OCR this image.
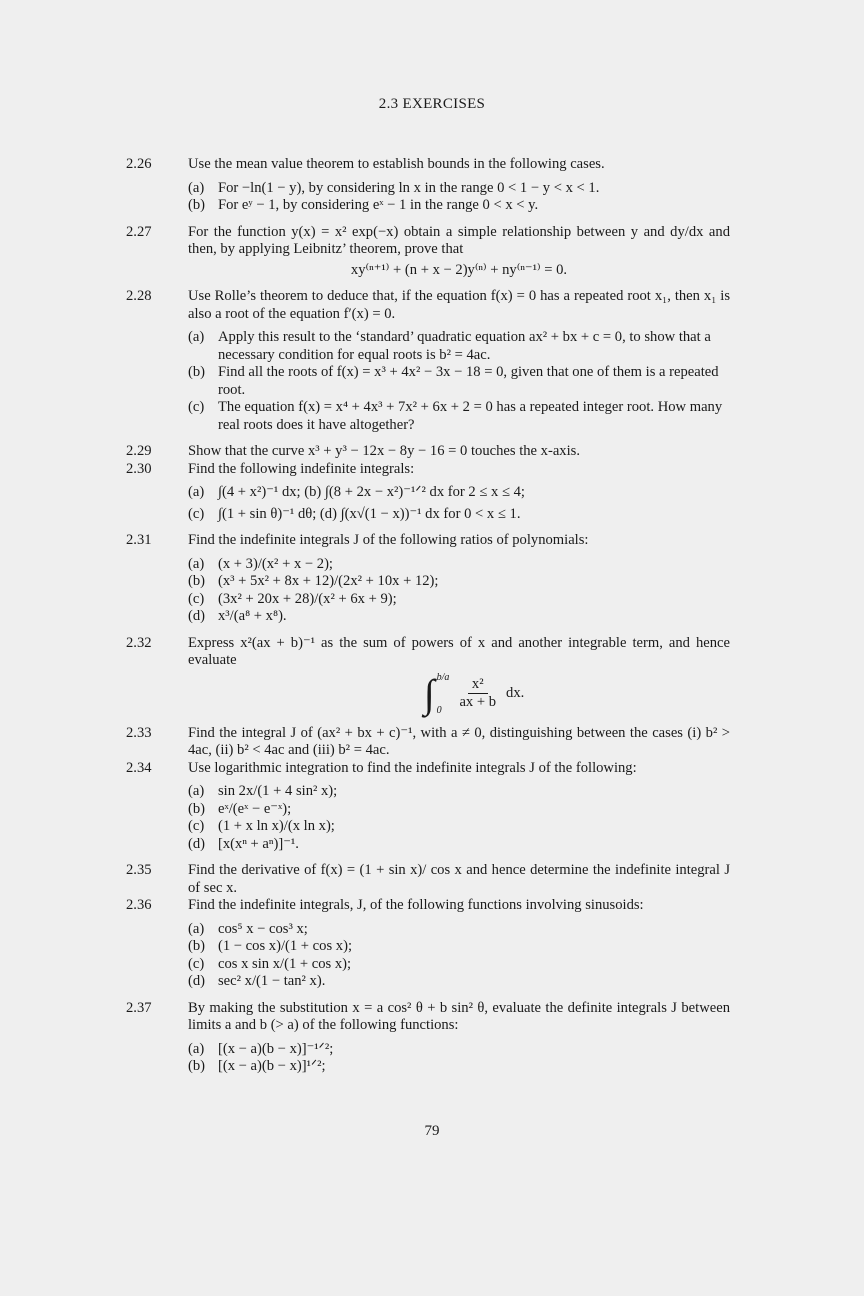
2.3 EXERCISES
2.26 Use the mean value theorem to establish bounds in the following cases.
(a) For −ln(1 − y), by considering ln x in the range 0 < 1 − y < x < 1.
(b) For eʸ − 1, by considering eˣ − 1 in the range 0 < x < y.
2.27 For the function y(x) = x² exp(−x) obtain a simple relationship between y and dy/dx and then, by applying Leibnitz’ theorem, prove that
xy⁽ⁿ⁺¹⁾ + (n + x − 2)y⁽ⁿ⁾ + ny⁽ⁿ⁻¹⁾ = 0.
2.28 Use Rolle’s theorem to deduce that, if the equation f(x) = 0 has a repeated root x₁, then x₁ is also a root of the equation f′(x) = 0.
(a) Apply this result to the ‘standard’ quadratic equation ax² + bx + c = 0, to show that a necessary condition for equal roots is b² = 4ac.
(b) Find all the roots of f(x) = x³ + 4x² − 3x − 18 = 0, given that one of them is a repeated root.
(c) The equation f(x) = x⁴ + 4x³ + 7x² + 6x + 2 = 0 has a repeated integer root. How many real roots does it have altogether?
2.29 Show that the curve x³ + y³ − 12x − 8y − 16 = 0 touches the x-axis.
2.30 Find the following indefinite integrals:
(a) ∫(4 + x²)⁻¹ dx; (b) ∫(8 + 2x − x²)⁻¹ᐟ² dx for 2 ≤ x ≤ 4;
(c) ∫(1 + sin θ)⁻¹ dθ; (d) ∫(x√(1 − x))⁻¹ dx for 0 < x ≤ 1.
2.31 Find the indefinite integrals J of the following ratios of polynomials:
(a) (x + 3)/(x² + x − 2);
(b) (x³ + 5x² + 8x + 12)/(2x² + 10x + 12);
(c) (3x² + 20x + 28)/(x² + 6x + 9);
(d) x³/(a⁸ + x⁸).
2.32 Express x²(ax + b)⁻¹ as the sum of powers of x and another integrable term, and hence evaluate
∫ b/a
$0 \frac{\text{x²}}{ax + b}$ dx.
2.33 Find the integral J of (ax² + bx + c)⁻¹, with a ≠ 0, distinguishing between the cases (i) b² > 4ac, (ii) b² < 4ac and (iii) b² = 4ac.
2.34 Use logarithmic integration to find the indefinite integrals J of the following:
(a) sin 2x/(1 + 4 sin² x);
(b) eˣ/(eˣ − e⁻ˣ);
(c) (1 + x ln x)/(x ln x);
(d) [x(xⁿ + aⁿ)]⁻¹.
2.35 Find the derivative of f(x) = (1 + sin x)/ cos x and hence determine the indefinite integral J of sec x.
2.36 Find the indefinite integrals, J, of the following functions involving sinusoids:
(a) cos⁵ x − cos³ x;
(b) (1 − cos x)/(1 + cos x);
(c) cos x sin x/(1 + cos x);
(d) sec² x/(1 − tan² x).
2.37 By making the substitution x = a cos² θ + b sin² θ, evaluate the definite integrals J between limits a and b (> a) of the following functions:
(a) [(x − a)(b − x)]⁻¹ᐟ²;
(b) [(x − a)(b − x)]¹ᐟ²;
79
